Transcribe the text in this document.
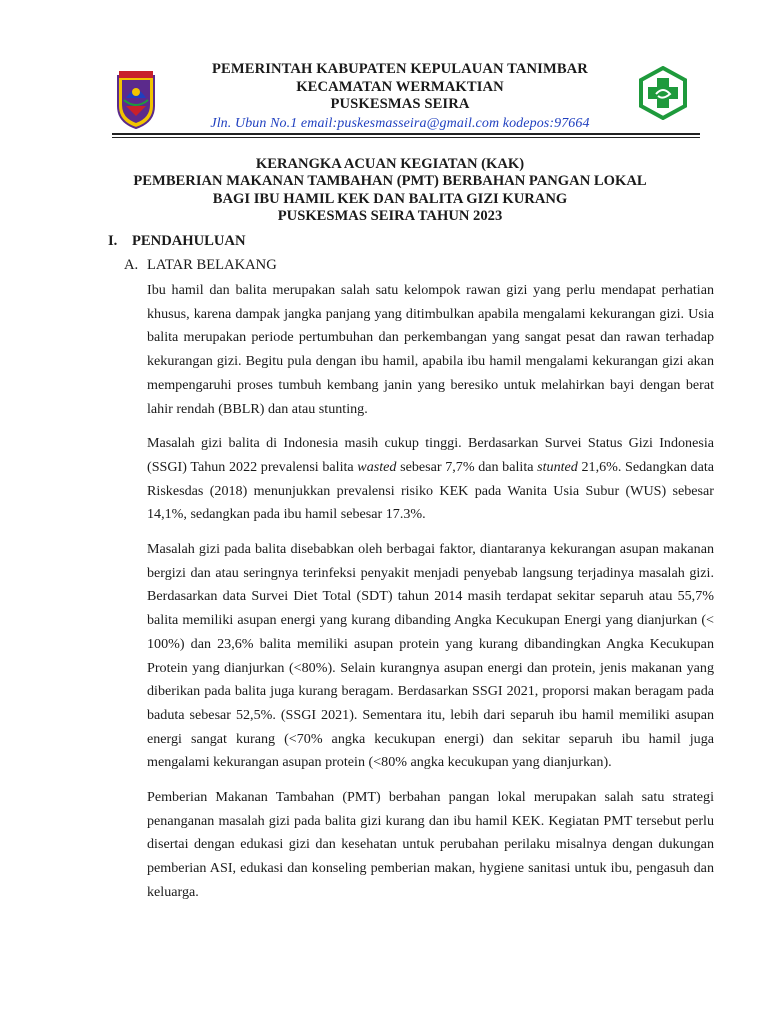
PEMERINTAH KABUPATEN KEPULAUAN TANIMBAR
KECAMATAN WERMAKTIAN
PUSKESMAS SEIRA
Jln. Ubun No.1 email:puskesmasseira@gmail.com kodepos:97664
KERANGKA ACUAN KEGIATAN (KAK)
PEMBERIAN MAKANAN TAMBAHAN (PMT) BERBAHAN PANGAN LOKAL
BAGI IBU HAMIL KEK DAN BALITA GIZI KURANG
PUSKESMAS SEIRA TAHUN 2023
I. PENDAHULUAN
A. LATAR BELAKANG

Ibu hamil dan balita merupakan salah satu kelompok rawan gizi yang perlu mendapat perhatian khusus, karena dampak jangka panjang yang ditimbulkan apabila mengalami kekurangan gizi. Usia balita merupakan periode pertumbuhan dan perkembangan yang sangat pesat dan rawan terhadap kekurangan gizi. Begitu pula dengan ibu hamil, apabila ibu hamil mengalami kekurangan gizi akan mempengaruhi proses tumbuh kembang janin yang beresiko untuk melahirkan bayi dengan berat lahir rendah (BBLR) dan atau stunting.

Masalah gizi balita di Indonesia masih cukup tinggi. Berdasarkan Survei Status Gizi Indonesia (SSGI) Tahun 2022 prevalensi balita wasted sebesar 7,7% dan balita stunted 21,6%. Sedangkan data Riskesdas (2018) menunjukkan prevalensi risiko KEK pada Wanita Usia Subur (WUS) sebesar 14,1%, sedangkan pada ibu hamil sebesar 17.3%.

Masalah gizi pada balita disebabkan oleh berbagai faktor, diantaranya kekurangan asupan makanan bergizi dan atau seringnya terinfeksi penyakit menjadi penyebab langsung terjadinya masalah gizi. Berdasarkan data Survei Diet Total (SDT) tahun 2014 masih terdapat sekitar separuh atau 55,7% balita memiliki asupan energi yang kurang dibanding Angka Kecukupan Energi yang dianjurkan (< 100%) dan 23,6% balita memiliki asupan protein yang kurang dibandingkan Angka Kecukupan Protein yang dianjurkan (<80%). Selain kurangnya asupan energi dan protein, jenis makanan yang diberikan pada balita juga kurang beragam. Berdasarkan SSGI 2021, proporsi makan beragam pada baduta sebesar 52,5%. (SSGI 2021). Sementara itu, lebih dari separuh ibu hamil memiliki asupan energi sangat kurang (<70% angka kecukupan energi) dan sekitar separuh ibu hamil juga mengalami kekurangan asupan protein (<80% angka kecukupan yang dianjurkan).

Pemberian Makanan Tambahan (PMT) berbahan pangan lokal merupakan salah satu strategi penanganan masalah gizi pada balita gizi kurang dan ibu hamil KEK. Kegiatan PMT tersebut perlu disertai dengan edukasi gizi dan kesehatan untuk perubahan perilaku misalnya dengan dukungan pemberian ASI, edukasi dan konseling pemberian makan, hygiene sanitasi untuk ibu, pengasuh dan keluarga.
